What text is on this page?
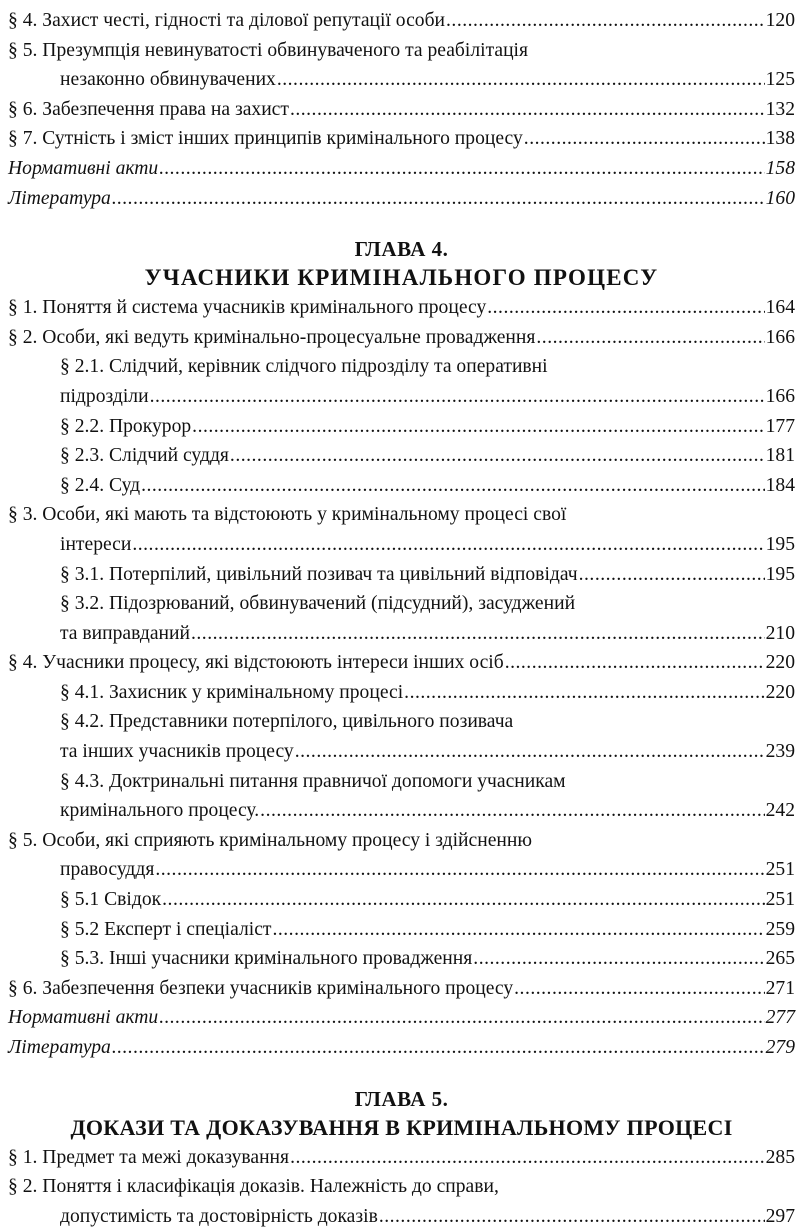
§ 4. Захист честі, гідності та ділової репутації особи .....	120
§ 5. Презумпція невинуватості обвинуваченого та реабілітація
незаконно обвинувачених .....	125
§ 6. Забезпечення права на захист .....	132
§ 7. Сутність і зміст інших принципів кримінального процесу .....	138
Нормативні акти .....	158
Література .....	160
ГЛАВА 4.
УЧАСНИКИ КРИМІНАЛЬНОГО ПРОЦЕСУ
§ 1. Поняття й система учасників кримінального процесу .....	164
§ 2. Особи, які ведуть кримінально-процесуальне провадження .....	166
§ 2.1. Слідчий, керівник слідчого підрозділу та оперативні
підрозділи .....	166
§ 2.2. Прокурор .....	177
§ 2.3. Слідчий суддя .....	181
§ 2.4. Суд .....	184
§ 3. Особи, які мають та відстоюють у кримінальному процесі свої
інтереси .....	195
§ 3.1. Потерпілий, цивільний позивач та цивільний відповідач .....	195
§ 3.2. Підозрюваний, обвинувачений (підсудний), засуджений
та виправданий .....	210
§ 4. Учасники процесу, які відстоюють інтереси інших осіб .....	220
§ 4.1. Захисник у кримінальному процесі .....	220
§ 4.2. Представники потерпілого, цивільного позивача
та інших учасників процесу .....	239
§ 4.3. Доктринальні питання правничої допомоги учасникам
кримінального процесу. .....	242
§ 5. Особи, які сприяють кримінальному процесу і здійсненню
правосуддя .....	251
§ 5.1 Свідок .....	251
§ 5.2 Експерт і спеціаліст .....	259
§ 5.3. Інші учасники кримінального провадження .....	265
§ 6. Забезпечення безпеки учасників кримінального процесу .....	271
Нормативні акти .....	277
Література .....	279
ГЛАВА 5.
ДОКАЗИ ТА ДОКАЗУВАННЯ В КРИМІНАЛЬНОМУ ПРОЦЕСІ
§ 1. Предмет та межі доказування .....	285
§ 2. Поняття і класифікація доказів. Належність до справи,
допустимість та достовірність доказів .....	297
